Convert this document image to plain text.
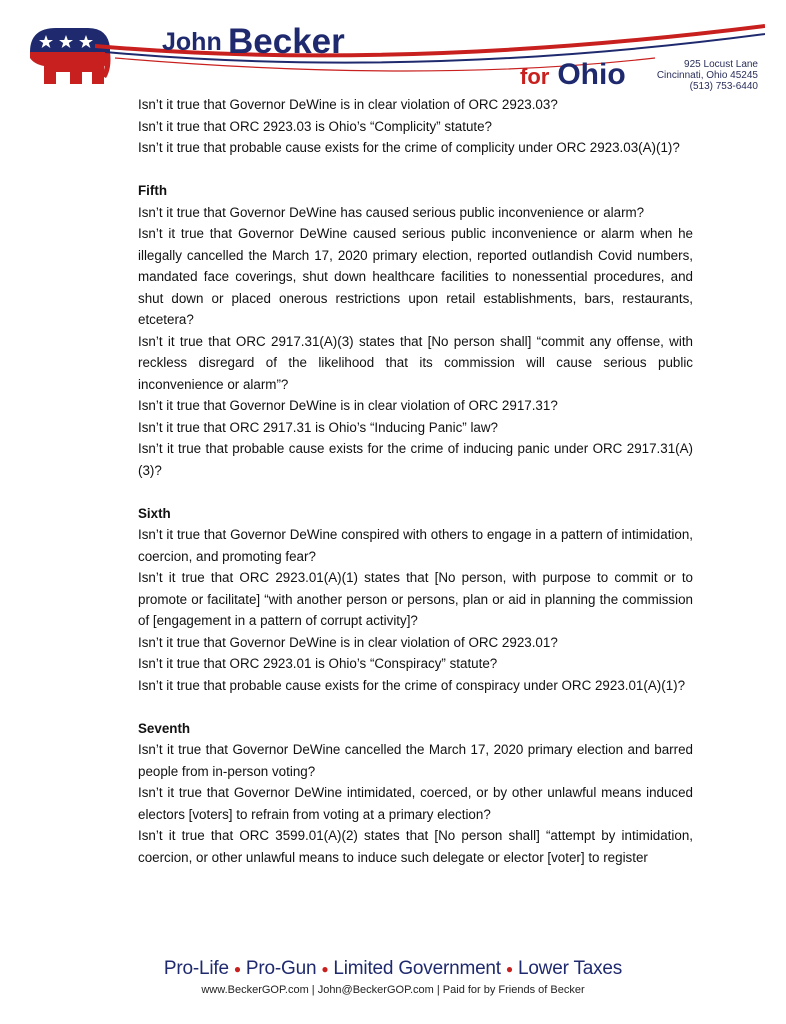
John Becker
for Ohio	925 Locust Lane
Cincinnati, Ohio 45245
(513) 753-6440

Isn’t it true that Governor DeWine is in clear violation of ORC 2923.03?

Isn’t it true that ORC 2923.03 is Ohio’s “Complicity” statute?

Isn’t it true that probable cause exists for the crime of complicity under ORC 2923.03(A)(1)?

Fifth

Isn’t it true that Governor DeWine has caused serious public inconvenience or alarm?

Isn’t it true that Governor DeWine caused serious public inconvenience or alarm when he illegally cancelled the March 17, 2020 primary election, reported outlandish Covid numbers, mandated face coverings, shut down healthcare facilities to nonessential procedures, and shut down or placed onerous restrictions upon retail establishments, bars, restaurants, etcetera?

Isn’t it true that ORC 2917.31(A)(3) states that [No person shall] “commit any offense, with reckless disregard of the likelihood that its commission will cause serious public inconvenience or alarm”?

Isn’t it true that Governor DeWine is in clear violation of ORC 2917.31?

Isn’t it true that ORC 2917.31 is Ohio’s “Inducing Panic” law?

Isn’t it true that probable cause exists for the crime of inducing panic under ORC 2917.31(A)(3)?

Sixth

Isn’t it true that Governor DeWine conspired with others to engage in a pattern of intimidation, coercion, and promoting fear?

Isn’t it true that ORC 2923.01(A)(1) states that [No person, with purpose to commit or to promote or facilitate] “with another person or persons, plan or aid in planning the commission of [engagement in a pattern of corrupt activity]?

Isn’t it true that Governor DeWine is in clear violation of ORC 2923.01?

Isn’t it true that ORC 2923.01 is Ohio’s “Conspiracy” statute?

Isn’t it true that probable cause exists for the crime of conspiracy under ORC 2923.01(A)(1)?

Seventh

Isn’t it true that Governor DeWine cancelled the March 17, 2020 primary election and barred people from in-person voting?

Isn’t it true that Governor DeWine intimidated, coerced, or by other unlawful means induced electors [voters] to refrain from voting at a primary election?

Isn’t it true that ORC 3599.01(A)(2) states that [No person shall] “attempt by intimidation, coercion, or other unlawful means to induce such delegate or elector [voter] to register

Pro-Life ● Pro-Gun ● Limited Government ● Lower Taxes
www.BeckerGOP.com | John@BeckerGOP.com | Paid for by Friends of Becker
